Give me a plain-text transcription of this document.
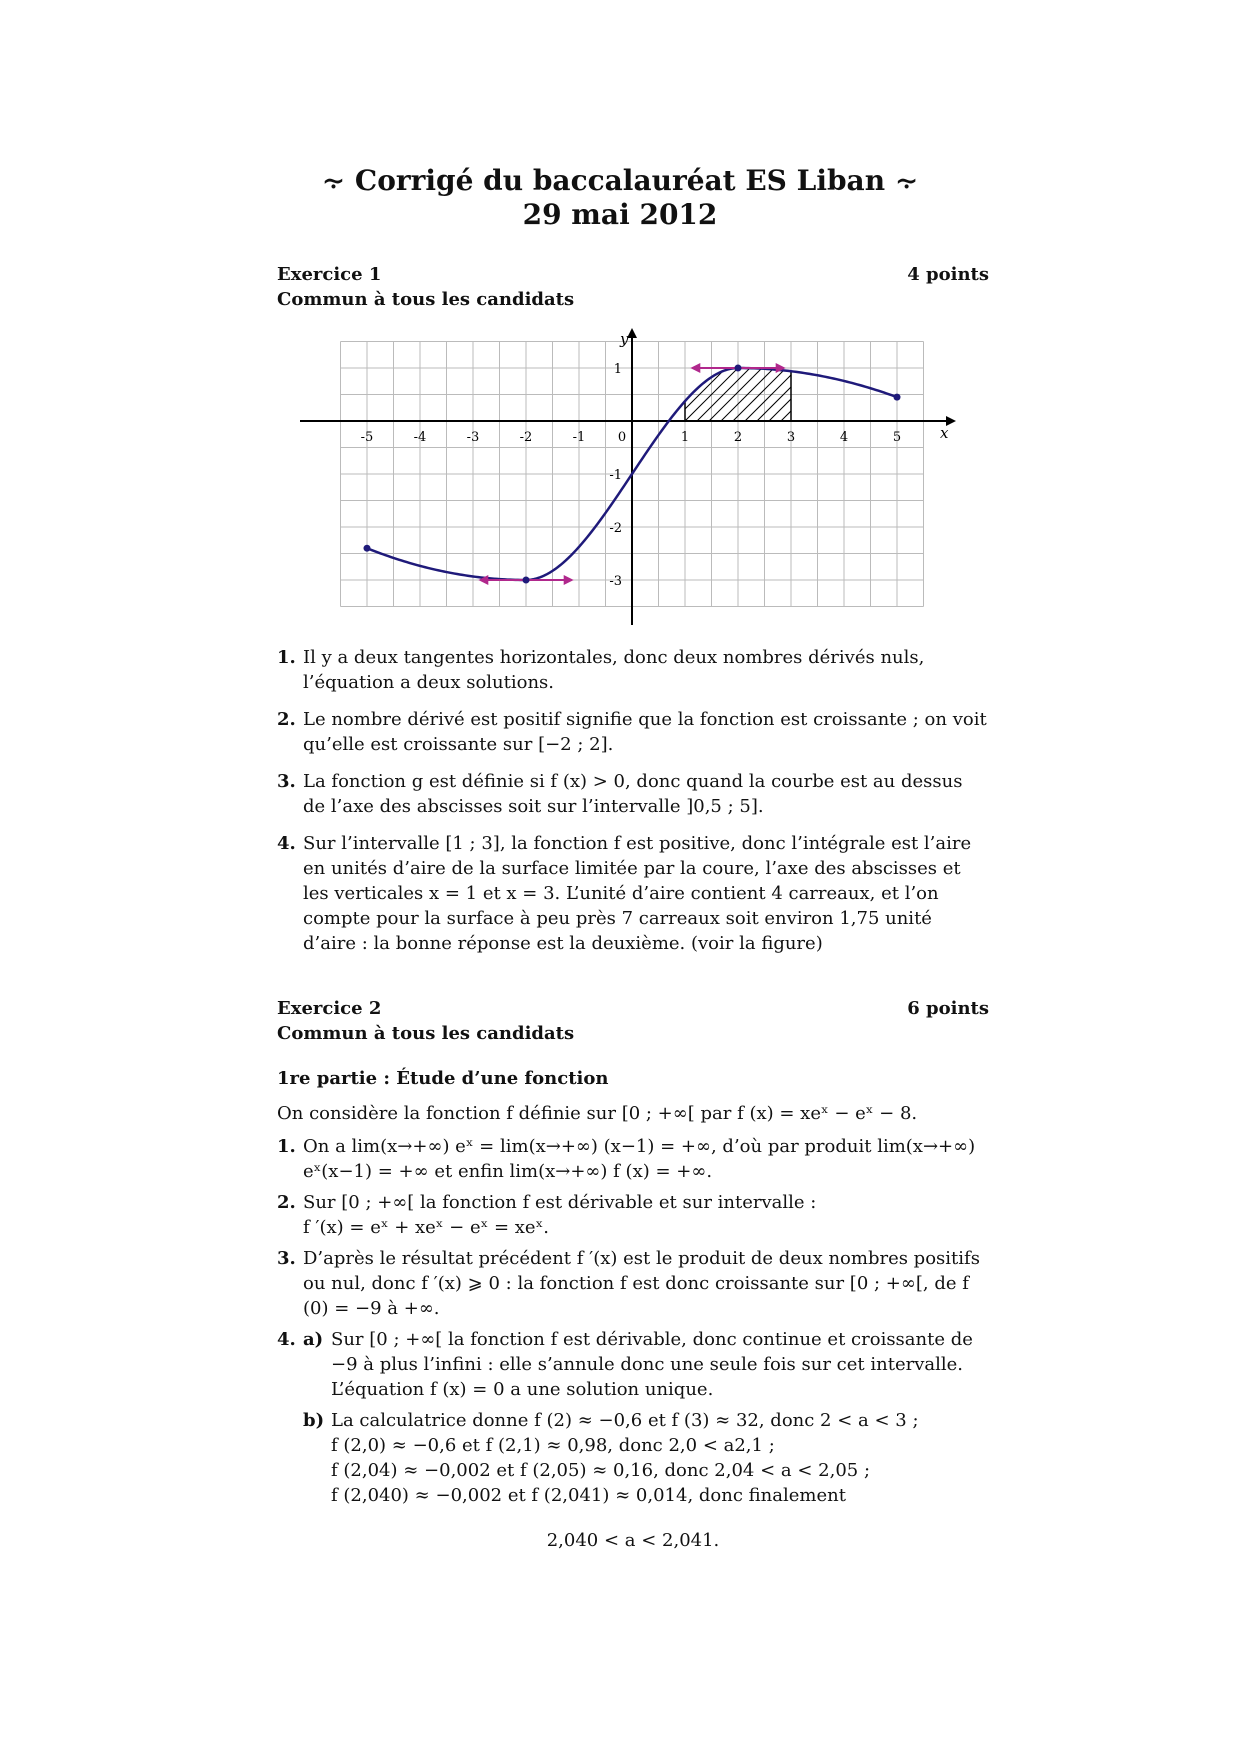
⸟ Corrigé du baccalauréat ES Liban ⸟
29 mai 2012
Exercice 1	4 points
Commun à tous les candidats
-5	-4	-3	-2	-1	0	1	2	3	4	5
1
-1
-2
-3
x
y
1. Il y a deux tangentes horizontales, donc deux nombres dérivés nuls, l’équation a deux solutions.
2. Le nombre dérivé est positif signifie que la fonction est croissante ; on voit qu’elle est croissante sur [−2 ; 2].
3. La fonction g est définie si f (x) > 0, donc quand la courbe est au dessus de l’axe des abscisses soit sur l’intervalle ]0,5 ; 5].
4. Sur l’intervalle [1 ; 3], la fonction f est positive, donc l’intégrale est l’aire en unités d’aire de la surface limitée par la coure, l’axe des abscisses et les verticales x = 1 et x = 3. L’unité d’aire contient 4 carreaux, et l’on compte pour la surface à peu près 7 carreaux soit environ 1,75 unité d’aire : la bonne réponse est la deuxième. (voir la figure)
Exercice 2	6 points
Commun à tous les candidats
1re partie : Étude d’une fonction
On considère la fonction f définie sur [0 ; +∞[ par f (x) = xeˣ − eˣ − 8.
1. On a lim(x→+∞) eˣ = lim(x→+∞) (x−1) = +∞, d’où par produit lim(x→+∞) eˣ(x−1) = +∞ et enfin lim(x→+∞) f (x) = +∞.
2. Sur [0 ; +∞[ la fonction f est dérivable et sur intervalle :
f ′(x) = eˣ + xeˣ − eˣ = xeˣ.
3. D’après le résultat précédent f ′(x) est le produit de deux nombres positifs ou nul, donc f ′(x) ⩾ 0 : la fonction f est donc croissante sur [0 ; +∞[, de f (0) = −9 à +∞.
4. a) Sur [0 ; +∞[ la fonction f est dérivable, donc continue et croissante de −9 à plus l’infini : elle s’annule donc une seule fois sur cet intervalle. L’équation f (x) = 0 a une solution unique.
b) La calculatrice donne f (2) ≈ −0,6 et f (3) ≈ 32, donc 2 < a < 3 ;
f (2,0) ≈ −0,6 et f (2,1) ≈ 0,98, donc 2,0 < a2,1 ;
f (2,04) ≈ −0,002 et f (2,05) ≈ 0,16, donc 2,04 < a < 2,05 ;
f (2,040) ≈ −0,002 et f (2,041) ≈ 0,014, donc finalement
2,040 < a < 2,041.
